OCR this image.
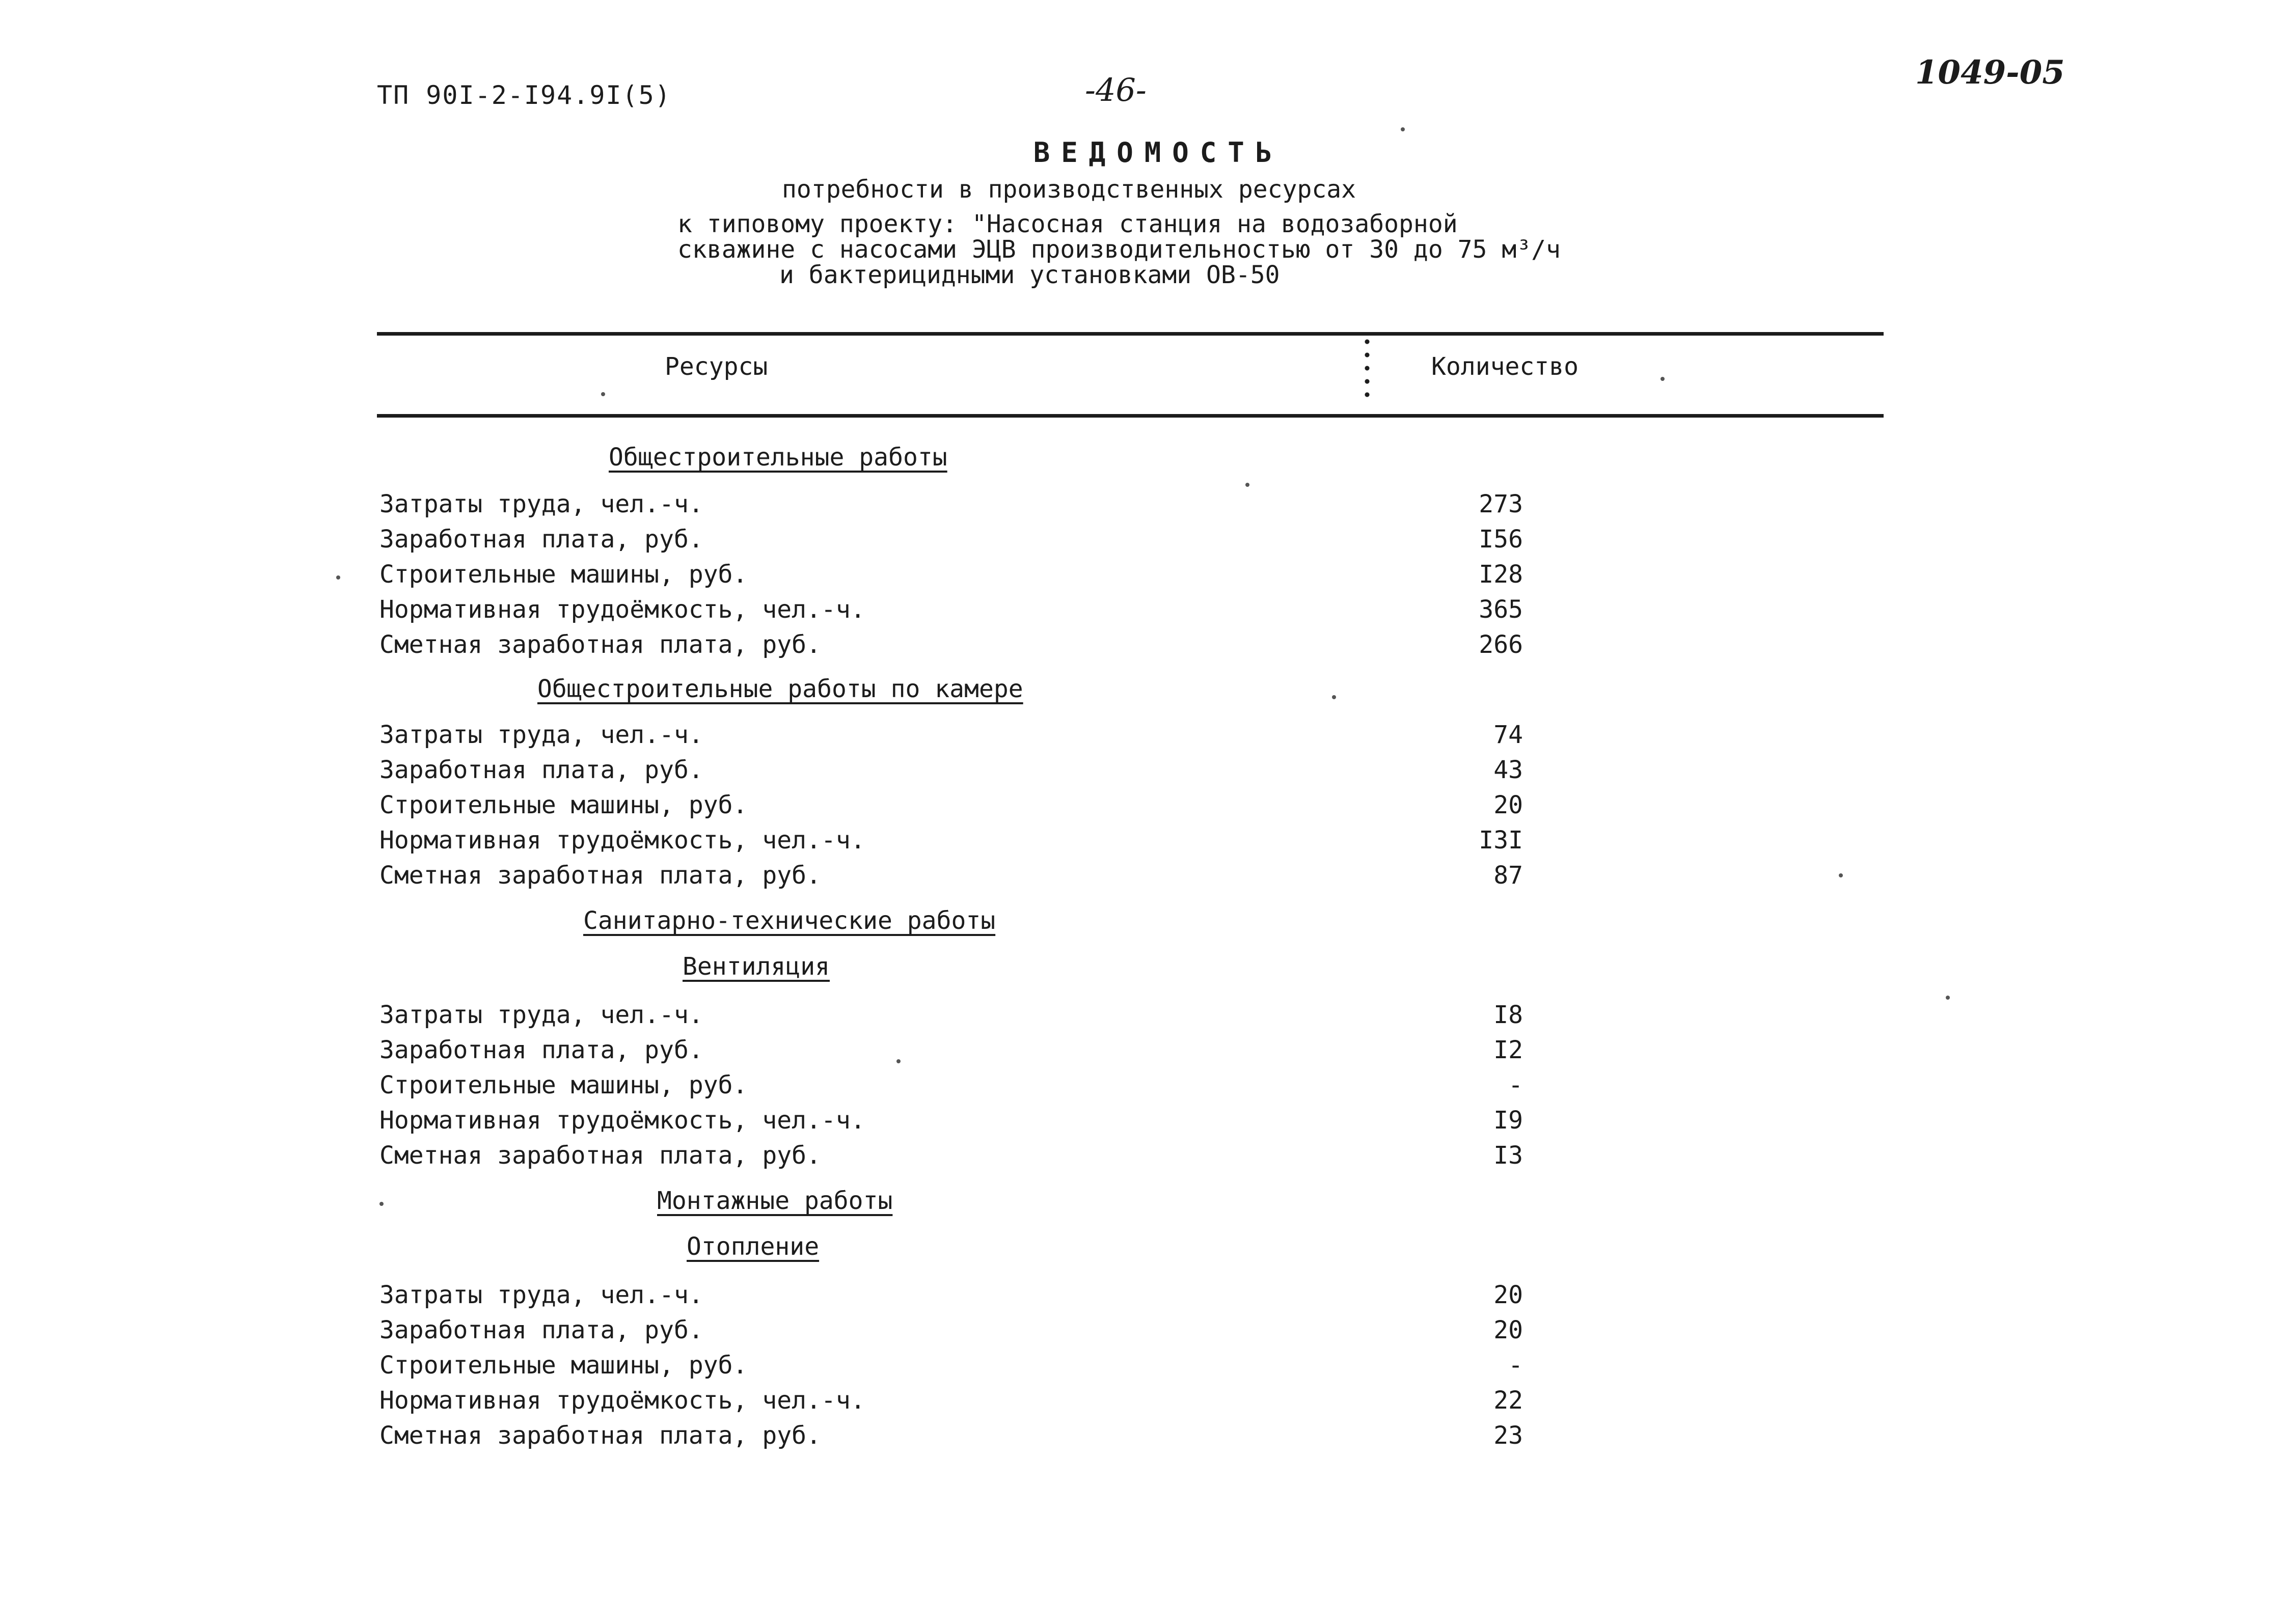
ТП 90I-2-I94.9I(5)	-46-	1049-05
ВЕДОМОСТЬ
потребности в производственных ресурсах
к типовому проекту: "Насосная станция на водозаборной
скважине с насосами ЭЦВ производительностью от 30 до 75 м³/ч
и бактерицидными установками ОВ-50
Ресурсы	Количество
Общестроительные работы
Затраты труда, чел.-ч.	273
Заработная плата, руб.	I56
Строительные машины, руб.	I28
Нормативная трудоёмкость, чел.-ч.	365
Сметная заработная плата, руб.	266
Общестроительные работы по камере
Затраты труда, чел.-ч.	74
Заработная плата, руб.	43
Строительные машины, руб.	20
Нормативная трудоёмкость, чел.-ч.	I3I
Сметная заработная плата, руб.	87
Санитарно-технические работы
Вентиляция
Затраты труда, чел.-ч.	I8
Заработная плата, руб.	I2
Строительные машины, руб.	-
Нормативная трудоёмкость, чел.-ч.	I9
Сметная заработная плата, руб.	I3
Монтажные работы
Отопление
Затраты труда, чел.-ч.	20
Заработная плата, руб.	20
Строительные машины, руб.	-
Нормативная трудоёмкость, чел.-ч.	22
Сметная заработная плата, руб.	23
